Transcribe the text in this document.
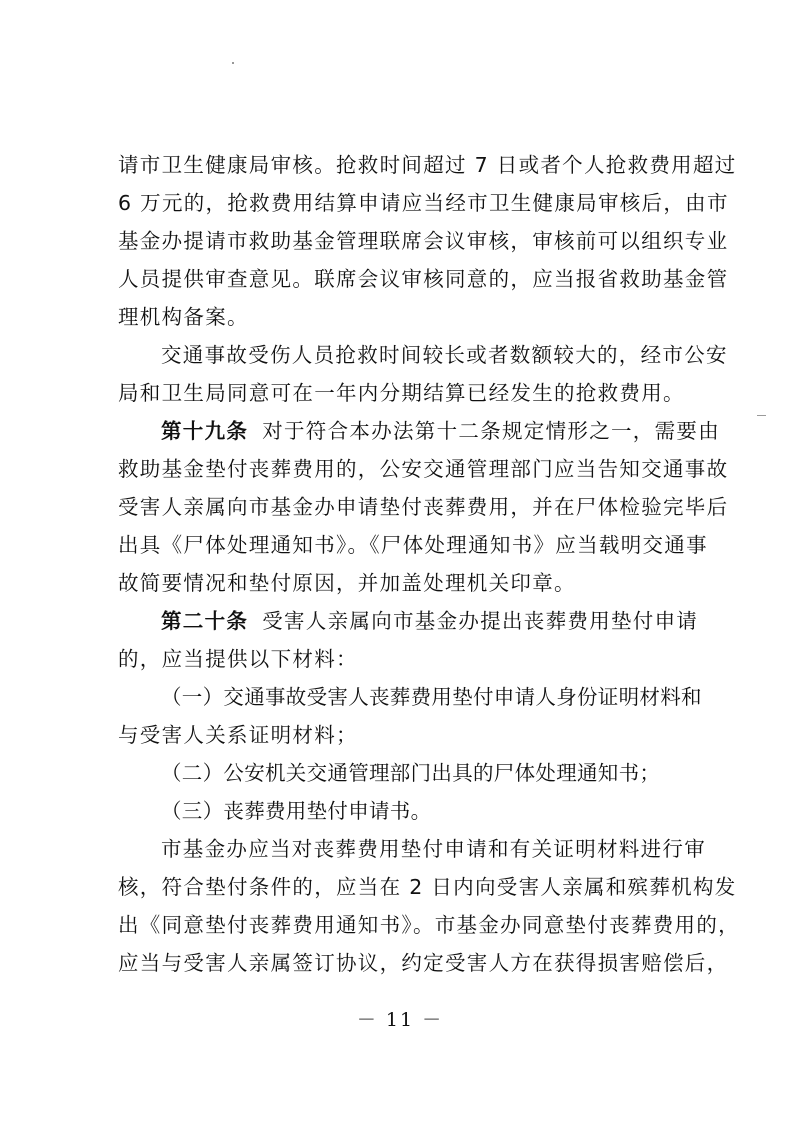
请市卫生健康局审核。抢救时间超过 7 日或者个人抢救费用超过
6 万元的，抢救费用结算申请应当经市卫生健康局审核后，由市
基金办提请市救助基金管理联席会议审核，审核前可以组织专业
人员提供审查意见。联席会议审核同意的，应当报省救助基金管
理机构备案。
交通事故受伤人员抢救时间较长或者数额较大的，经市公安
局和卫生局同意可在一年内分期结算已经发生的抢救费用。
第十九条 对于符合本办法第十二条规定情形之一，需要由
救助基金垫付丧葬费用的，公安交通管理部门应当告知交通事故
受害人亲属向市基金办申请垫付丧葬费用，并在尸体检验完毕后
出具《尸体处理通知书》。《尸体处理通知书》应当载明交通事
故简要情况和垫付原因，并加盖处理机关印章。
第二十条 受害人亲属向市基金办提出丧葬费用垫付申请
的，应当提供以下材料：
（一）交通事故受害人丧葬费用垫付申请人身份证明材料和
与受害人关系证明材料；
（二）公安机关交通管理部门出具的尸体处理通知书；
（三）丧葬费用垫付申请书。
市基金办应当对丧葬费用垫付申请和有关证明材料进行审
核，符合垫付条件的，应当在 2 日内向受害人亲属和殡葬机构发
出《同意垫付丧葬费用通知书》。市基金办同意垫付丧葬费用的，
应当与受害人亲属签订协议，约定受害人方在获得损害赔偿后，
－ 11 －
